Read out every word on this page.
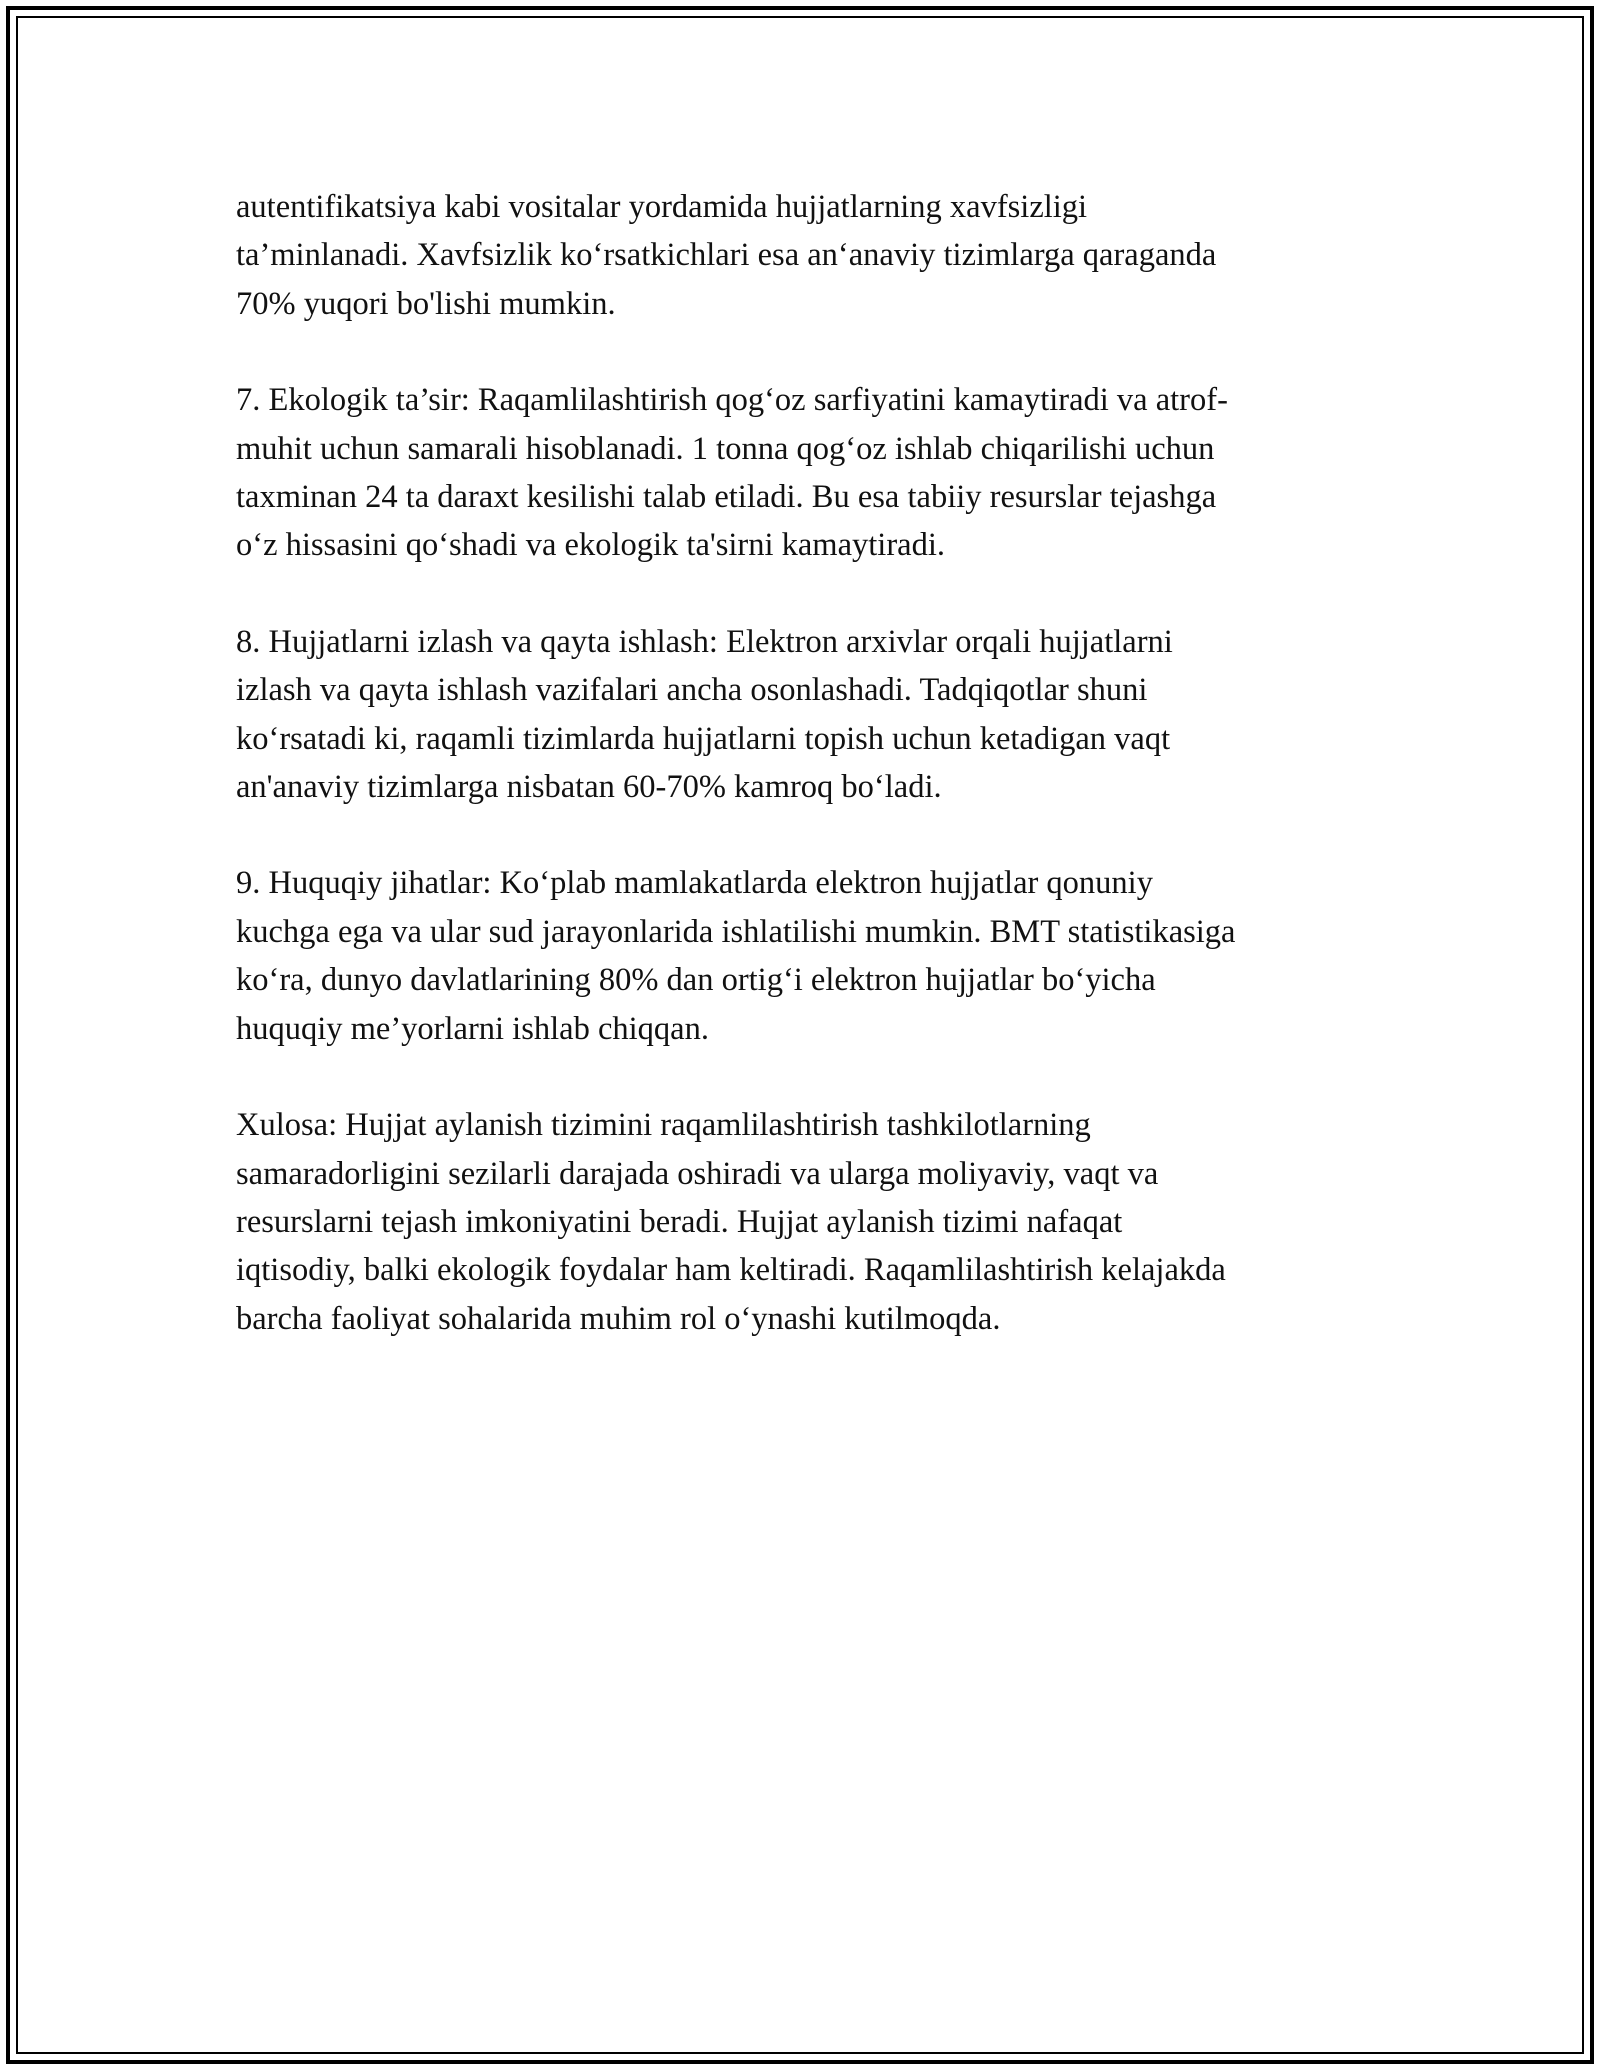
autentifikatsiya kabi vositalar yordamida hujjatlarning xavfsizligi
ta’minlanadi. Xavfsizlik ko‘rsatkichlari esa an‘anaviy tizimlarga qaraganda
70% yuqori bo'lishi mumkin.

7. Ekologik ta’sir: Raqamlilashtirish qog‘oz sarfiyatini kamaytiradi va atrof-
muhit uchun samarali hisoblanadi. 1 tonna qog‘oz ishlab chiqarilishi uchun
taxminan 24 ta daraxt kesilishi talab etiladi. Bu esa tabiiy resurslar tejashga
o‘z hissasini qo‘shadi va ekologik ta'sirni kamaytiradi.

8. Hujjatlarni izlash va qayta ishlash: Elektron arxivlar orqali hujjatlarni
izlash va qayta ishlash vazifalari ancha osonlashadi. Tadqiqotlar shuni
ko‘rsatadi ki, raqamli tizimlarda hujjatlarni topish uchun ketadigan vaqt
an'anaviy tizimlarga nisbatan 60-70% kamroq bo‘ladi.

9. Huquqiy jihatlar: Ko‘plab mamlakatlarda elektron hujjatlar qonuniy
kuchga ega va ular sud jarayonlarida ishlatilishi mumkin. BMT statistikasiga
ko‘ra, dunyo davlatlarining 80% dan ortig‘i elektron hujjatlar bo‘yicha
huquqiy me’yorlarni ishlab chiqqan.

Xulosa: Hujjat aylanish tizimini raqamlilashtirish tashkilotlarning
samaradorligini sezilarli darajada oshiradi va ularga moliyaviy, vaqt va
resurslarni tejash imkoniyatini beradi. Hujjat aylanish tizimi nafaqat
iqtisodiy, balki ekologik foydalar ham keltiradi. Raqamlilashtirish kelajakda
barcha faoliyat sohalarida muhim rol o‘ynashi kutilmoqda.
